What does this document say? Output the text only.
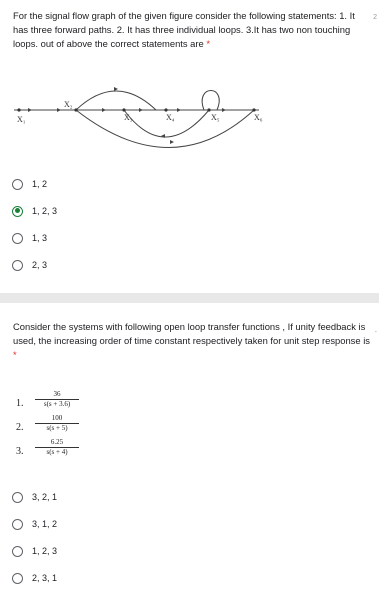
For the signal flow graph of the given figure consider the following statements: 1. It has three forward paths. 2. It has three individual loops. 3.It has two non touching loops. out of above the correct statements are *
2
X₁
X₂
X₃	X₄	X₅	X₆
1, 2
1, 2, 3
1, 3
2, 3
Consider the systems with following open loop transfer functions , If unity feedback is used, the increasing order of time constant respectively taken for unit step response is *
-
36
1.	s(s + 3.6)
100
2.	s(s + 5)
6.25
3.	s(s + 4)
3, 2, 1
3, 1, 2
1, 2, 3
2, 3, 1
